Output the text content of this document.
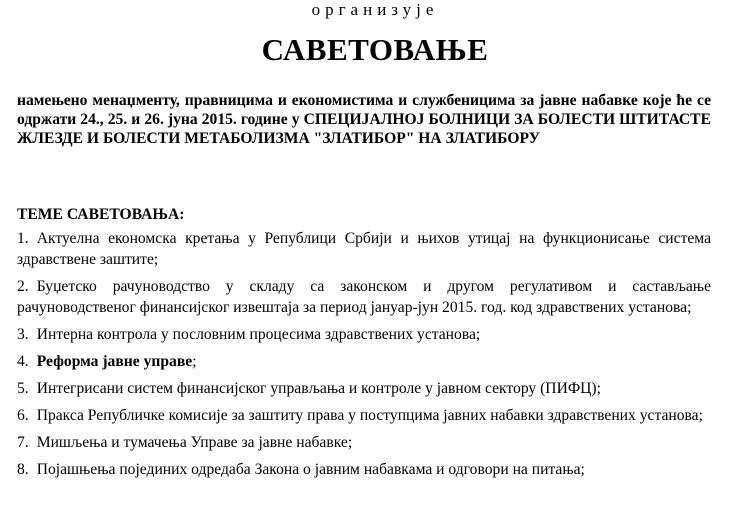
организује
САВЕТОВАЊЕ

намењено менаџменту, правницима и економистима и службеницима за јавне набавке које ће се одржати 24., 25. и 26. јуна 2015. године у СПЕЦИЈАЛНОЈ БОЛНИЦИ ЗА БОЛЕСТИ ШТИТАСТЕ ЖЛЕЗДЕ И БОЛЕСТИ МЕТАБОЛИЗМА "ЗЛАТИБОР" НА ЗЛАТИБОРУ

ТЕМЕ САВЕТОВАЊА:

1. Актуелна економска кретања у Републици Србији и њихов утицај на функционисање система здравствене заштите;
2. Буџетско рачуноводство у складу са законском и другом регулативом и састављање рачуноводственог финансијског извештаја за период јануар-јун 2015. год. код здравствених установа;
3. Интерна контрола у пословним процесима здравствених установа;
4. Реформа јавне управе;
5. Интегрисани систем финансијског управљања и контроле у јавном сектору (ПИФЦ);
6. Пракса Републичке комисије за заштиту права у поступцима јавних набавки здравствених установа;
7. Мишљења и тумачења Управе за јавне набавке;
8. Појашњења појединих одредаба Закона о јавним набавкама и одговори на питања;
